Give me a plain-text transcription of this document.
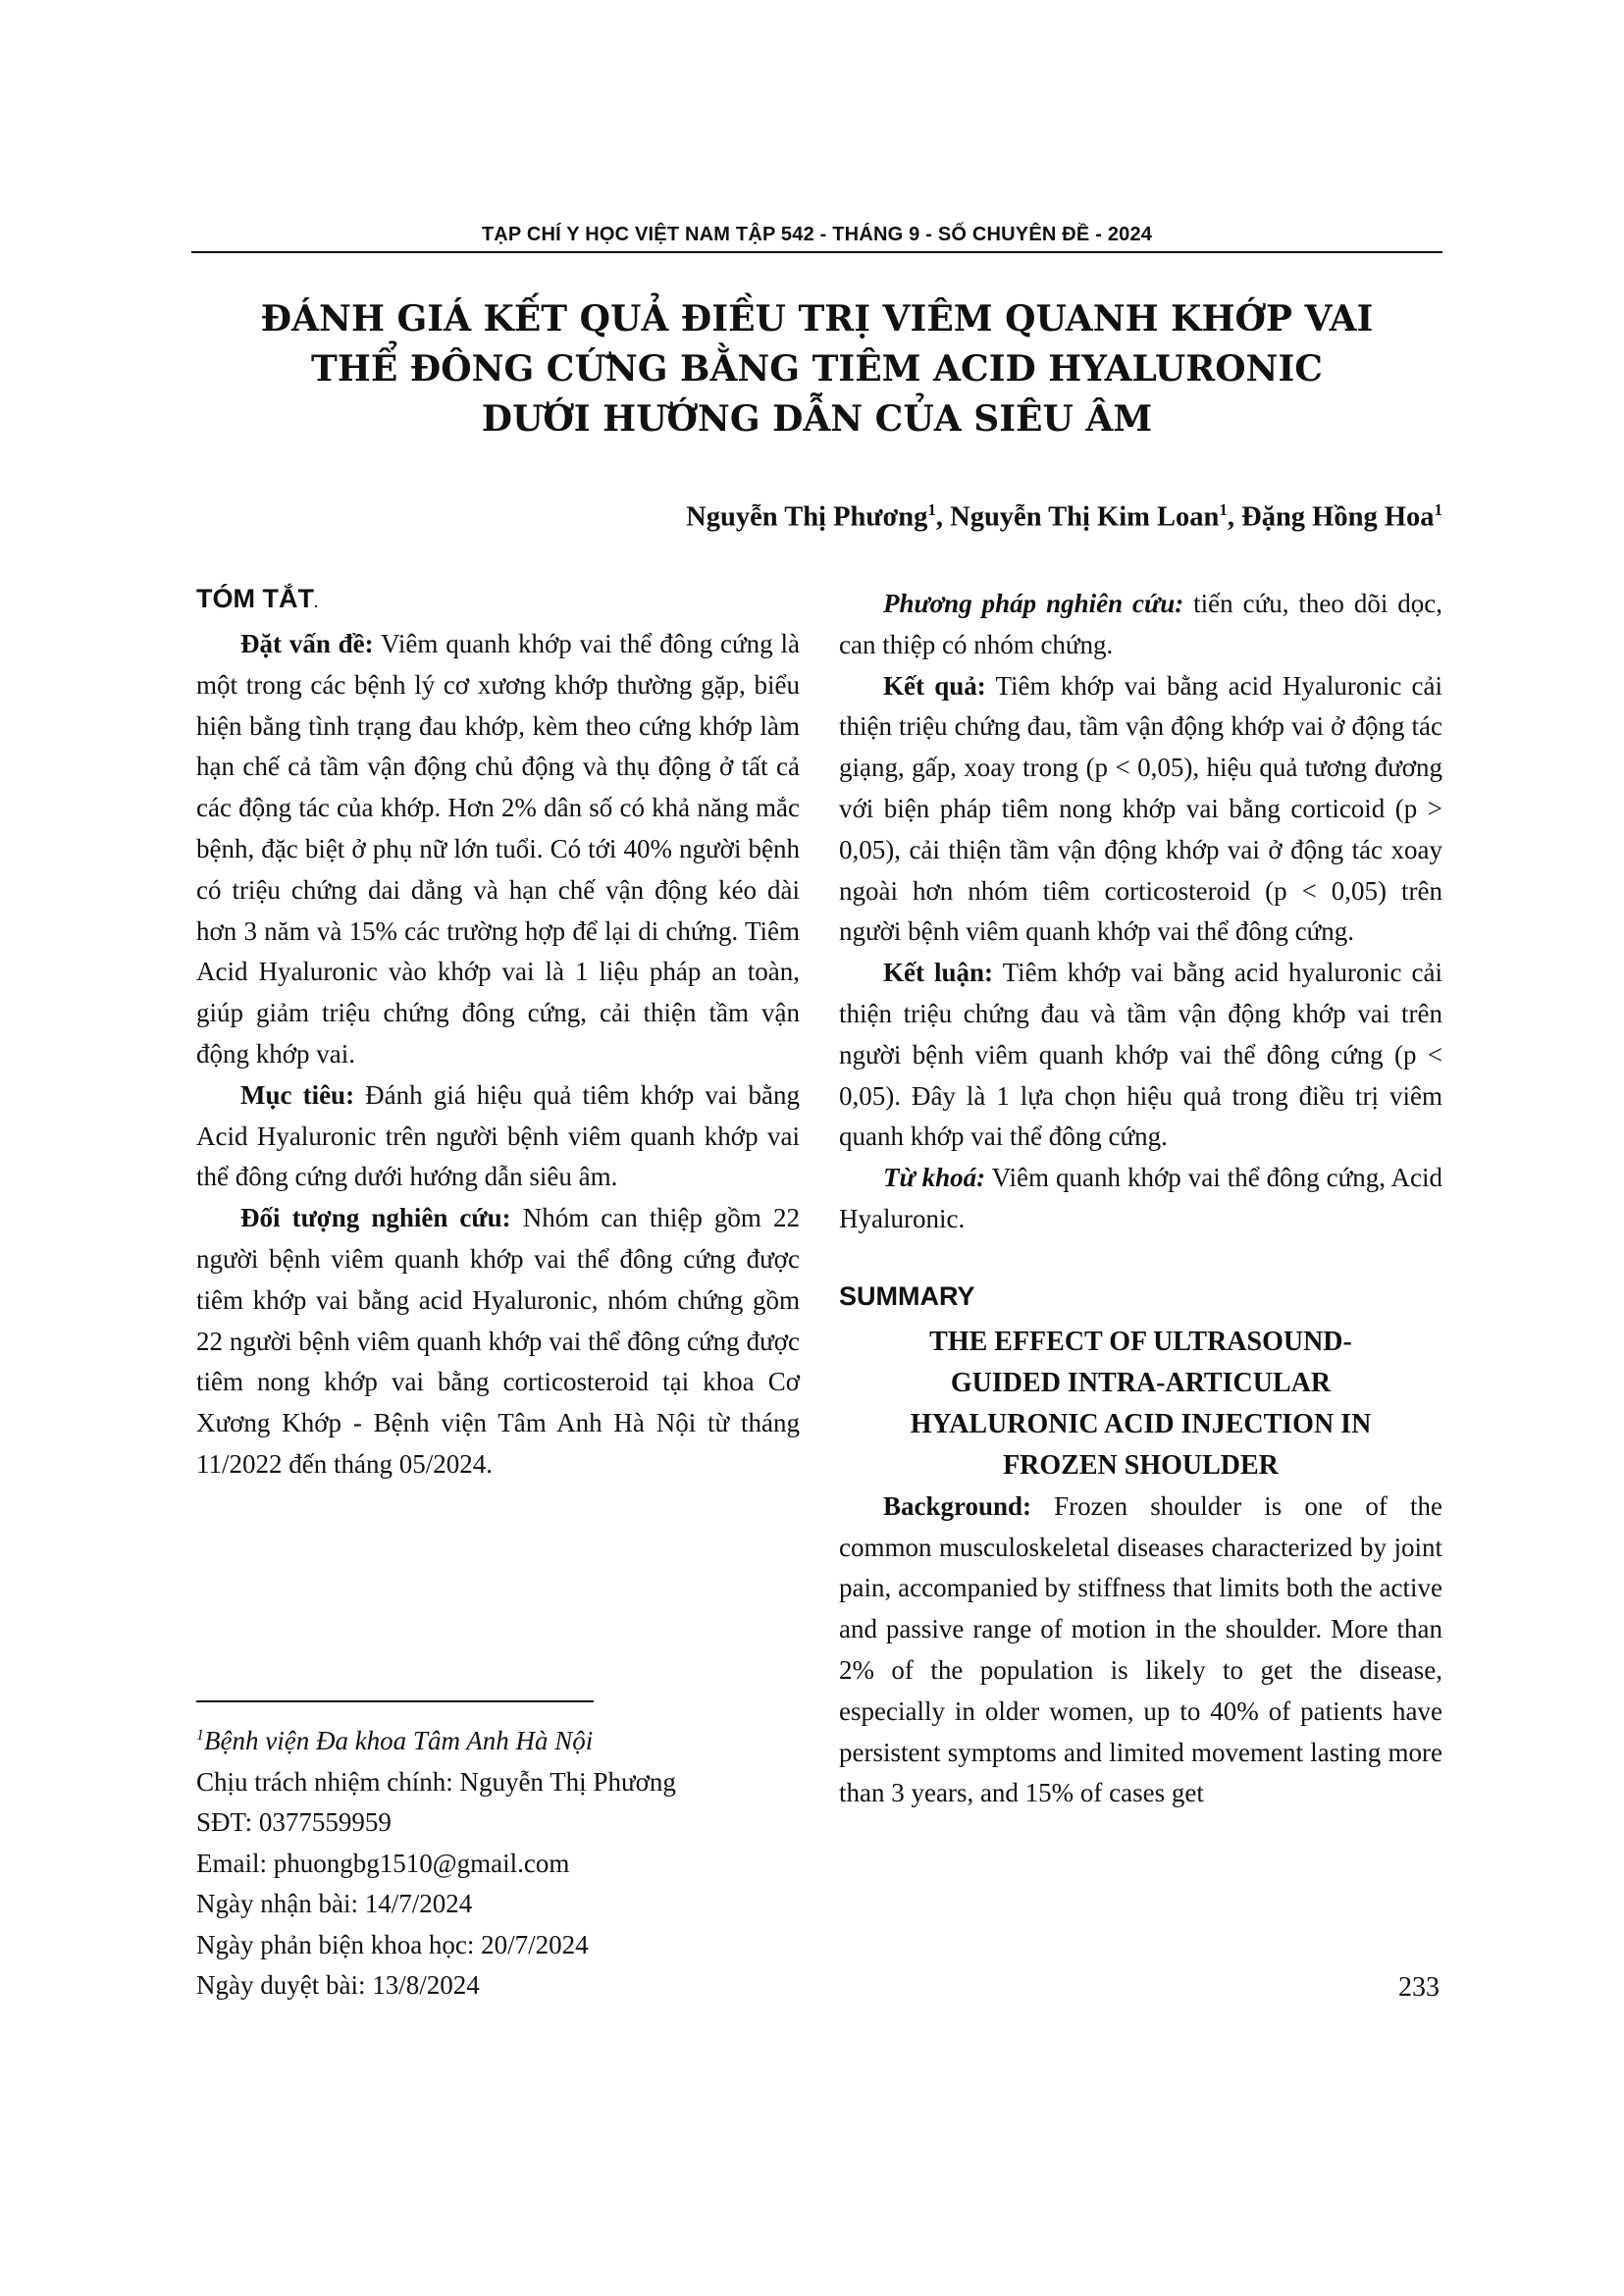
TẠP CHÍ Y HỌC VIỆT NAM TẬP 542 - THÁNG 9 - SỐ CHUYÊN ĐỀ - 2024
ĐÁNH GIÁ KẾT QUẢ ĐIỀU TRỊ VIÊM QUANH KHỚP VAI
THỂ ĐÔNG CỨNG BẰNG TIÊM ACID HYALURONIC
DƯỚI HƯỚNG DẪN CỦA SIÊU ÂM
Nguyễn Thị Phương$^1$, Nguyễn Thị Kim Loan$^1$, Đặng Hồng Hoa$^1$
TÓM TẮT.

Đặt vấn đề: Viêm quanh khớp vai thể đông cứng là một trong các bệnh lý cơ xương khớp thường gặp, biểu hiện bằng tình trạng đau khớp, kèm theo cứng khớp làm hạn chế cả tầm vận động chủ động và thụ động ở tất cả các động tác của khớp. Hơn 2% dân số có khả năng mắc bệnh, đặc biệt ở phụ nữ lớn tuổi. Có tới 40% người bệnh có triệu chứng dai dẳng và hạn chế vận động kéo dài hơn 3 năm và 15% các trường hợp để lại di chứng. Tiêm Acid Hyaluronic vào khớp vai là 1 liệu pháp an toàn, giúp giảm triệu chứng đông cứng, cải thiện tầm vận động khớp vai.

Mục tiêu: Đánh giá hiệu quả tiêm khớp vai bằng Acid Hyaluronic trên người bệnh viêm quanh khớp vai thể đông cứng dưới hướng dẫn siêu âm.

Đối tượng nghiên cứu: Nhóm can thiệp gồm 22 người bệnh viêm quanh khớp vai thể đông cứng được tiêm khớp vai bằng acid Hyaluronic, nhóm chứng gồm 22 người bệnh viêm quanh khớp vai thể đông cứng được tiêm nong khớp vai bằng corticosteroid tại khoa Cơ Xương Khớp - Bệnh viện Tâm Anh Hà Nội từ tháng 11/2022 đến tháng 05/2024.

$^1$Bệnh viện Đa khoa Tâm Anh Hà Nội
Chịu trách nhiệm chính: Nguyễn Thị Phương
SĐT: 0377559959
Email: phuongbg1510@gmail.com
Ngày nhận bài: 14/7/2024
Ngày phản biện khoa học: 20/7/2024
Ngày duyệt bài: 13/8/2024

Phương pháp nghiên cứu: tiến cứu, theo dõi dọc, can thiệp có nhóm chứng.

Kết quả: Tiêm khớp vai bằng acid Hyaluronic cải thiện triệu chứng đau, tầm vận động khớp vai ở động tác giạng, gấp, xoay trong (p < 0,05), hiệu quả tương đương với biện pháp tiêm nong khớp vai bằng corticoid (p > 0,05), cải thiện tầm vận động khớp vai ở động tác xoay ngoài hơn nhóm tiêm corticosteroid (p < 0,05) trên người bệnh viêm quanh khớp vai thể đông cứng.

Kết luận: Tiêm khớp vai bằng acid hyaluronic cải thiện triệu chứng đau và tầm vận động khớp vai trên người bệnh viêm quanh khớp vai thể đông cứng (p < 0,05). Đây là 1 lựa chọn hiệu quả trong điều trị viêm quanh khớp vai thể đông cứng.

Từ khoá: Viêm quanh khớp vai thể đông cứng, Acid Hyaluronic.

SUMMARY

THE EFFECT OF ULTRASOUND-

GUIDED INTRA-ARTICULAR

HYALURONIC ACID INJECTION IN

FROZEN SHOULDER

Background: Frozen shoulder is one of the common musculoskeletal diseases characterized by joint pain, accompanied by stiffness that limits both the active and passive range of motion in the shoulder. More than 2% of the population is likely to get the disease, especially in older women, up to 40% of patients have persistent symptoms and limited movement lasting more than 3 years, and 15% of cases get

233
